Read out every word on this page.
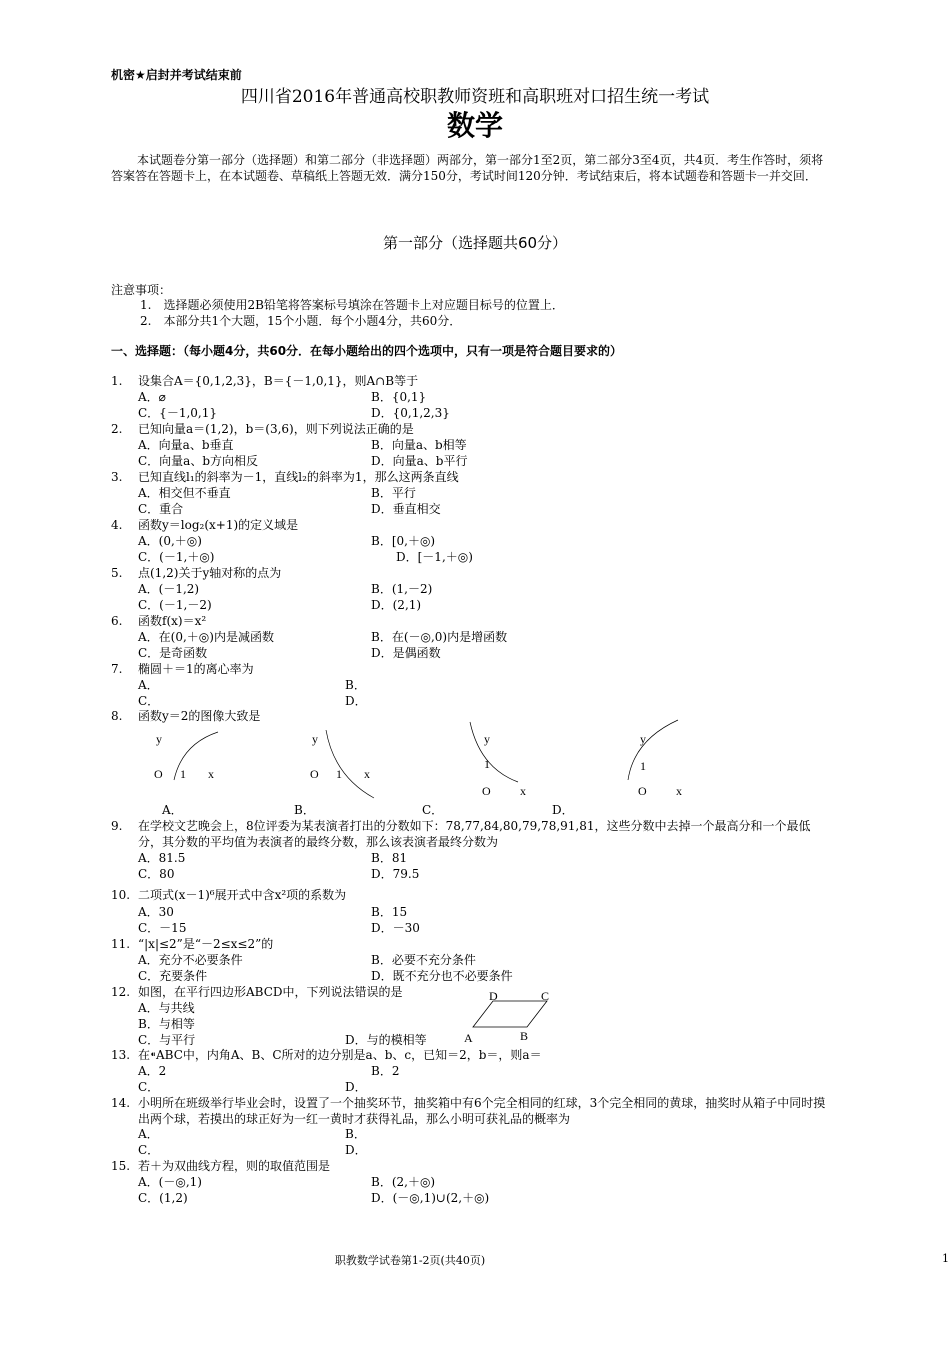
机密★启封并考试结束前
四川省2016年普通高校职教师资班和高职班对口招生统一考试
数学
本试题卷分第一部分（选择题）和第二部分（非选择题）两部分，第一部分1至2页，第二部分3至4页，共4页．考生作答时，须将答案答在答题卡上，在本试题卷、草稿纸上答题无效．满分150分，考试时间120分钟．考试结束后，将本试题卷和答题卡一并交回．
第一部分（选择题共60分）
注意事项：
1.　选择题必须使用2B铅笔将答案标号填涂在答题卡上对应题目标号的位置上．
2.　本部分共1个大题，15个小题．每个小题4分，共60分．
一、选择题：（每小题4分，共60分．在每小题给出的四个选项中，只有一项是符合题目要求的）
1. 设集合A＝{0,1,2,3}，B＝{－1,0,1}，则A∩B等于
A．⌀	B．{0,1}
C．{－1,0,1}	D．{0,1,2,3}
2. 已知向量a＝(1,2)，b＝(3,6)，则下列说法正确的是
A．向量a、b垂直	B．向量a、b相等
C．向量a、b方向相反	D．向量a、b平行
3. 已知直线l₁的斜率为－1，直线l₂的斜率为1，那么这两条直线
A．相交但不垂直	B．平行
C．重合	D．垂直相交
4. 函数y＝log₂(x+1)的定义域是
A．(0,＋◎)	B．[0,＋◎)
C．(－1,＋◎)	D．[－1,＋◎)
5. 点(1,2)关于y轴对称的点为
A．(－1,2)	B．(1,－2)
C．(－1,－2)	D．(2,1)
6. 函数f(x)＝x²
A．在(0,＋◎)内是减函数	B．在(－◎,0)内是增函数
C．是奇函数	D．是偶函数
7. 椭圆＋＝1的离心率为
A．	B．
C．	D．
8. 函数y＝2的图像大致是
y
O 1 x
y
O 1 x
y
1
O x
y
1
O x
A．	B．	C．	D．
9. 在学校文艺晚会上，8位评委为某表演者打出的分数如下：78,77,84,80,79,78,91,81，这些分数中去掉一个最高分和一个最低分，其分数的平均值为表演者的最终分数，那么该表演者最终分数为
A．81.5	B．81
C．80	D．79.5
10. 二项式(x－1)⁶展开式中含x²项的系数为
A．30	B．15
C．－15	D．－30
11. “|x|≤2”是“－2≤x≤2”的
A．充分不必要条件	B．必要不充分条件
C．充要条件	D．既不充分也不必要条件
12. 如图，在平行四边形ABCD中，下列说法错误的是
A．与共线
B．与相等
C．与平行	D．与的模相等
D	C
A	B
13. 在⁌ABC中，内角A、B、C所对的边分别是a、b、c，已知＝2，b＝，则a＝
A．2	B．2
C．	D．
14. 小明所在班级举行毕业会时，设置了一个抽奖环节，抽奖箱中有6个完全相同的红球，3个完全相同的黄球，抽奖时从箱子中同时摸出两个球，若摸出的球正好为一红一黄时才获得礼品，那么小明可获礼品的概率为
A．	B．
C．	D．
15. 若＋为双曲线方程，则的取值范围是
A．(－◎,1)	B．(2,＋◎)
C．(1,2)	D．(－◎,1)∪(2,＋◎)
职教数学试卷第1-2页(共40页)	1
